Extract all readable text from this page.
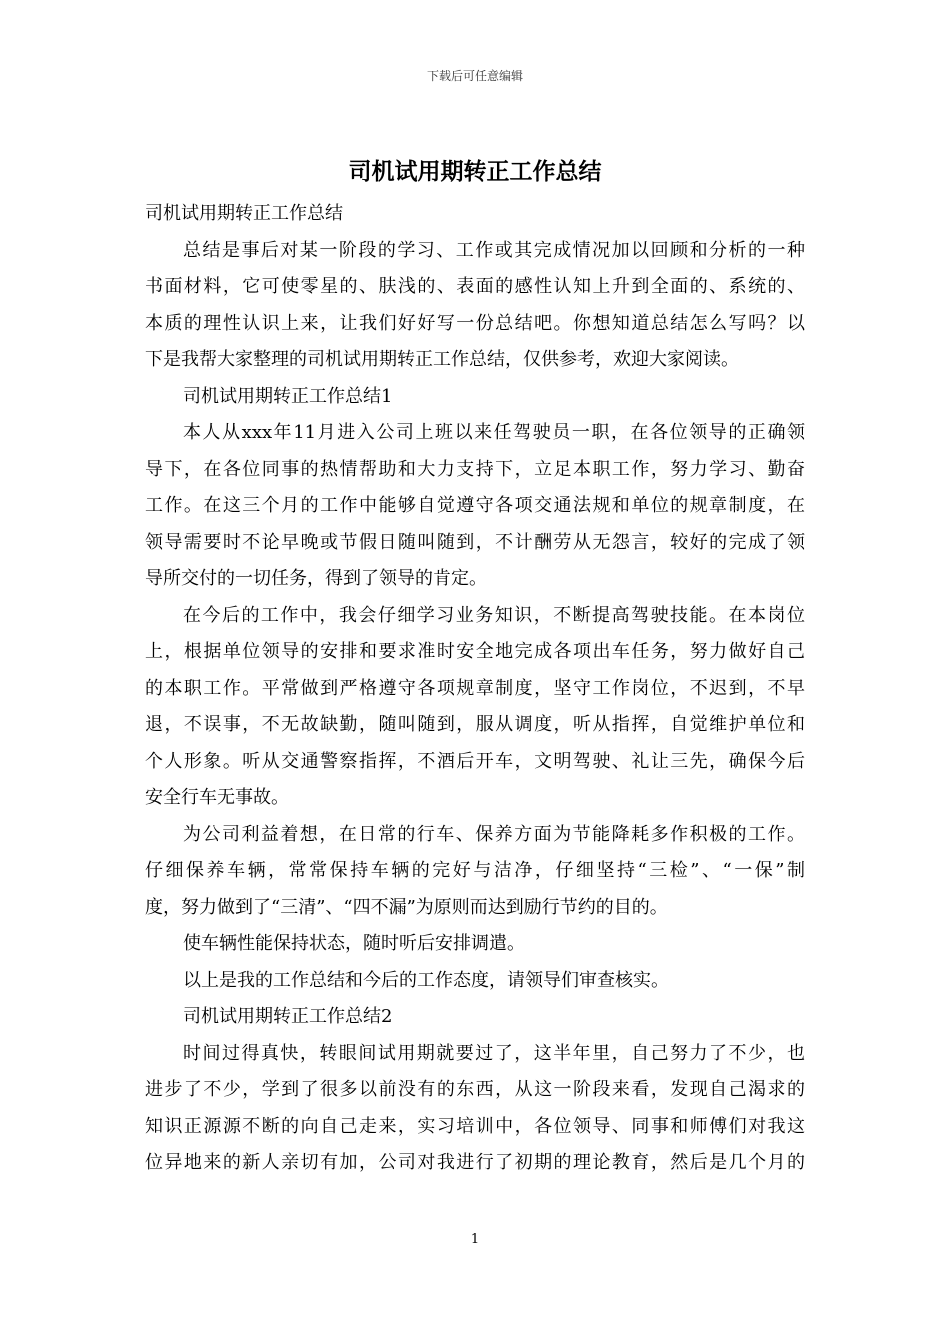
下载后可任意编辑
司机试用期转正工作总结
司机试用期转正工作总结
总结是事后对某一阶段的学习、工作或其完成情况加以回顾和分析的一种
书面材料，它可使零星的、肤浅的、表面的感性认知上升到全面的、系统的、
本质的理性认识上来，让我们好好写一份总结吧。你想知道总结怎么写吗？以
下是我帮大家整理的司机试用期转正工作总结，仅供参考，欢迎大家阅读。
司机试用期转正工作总结1
本人从xxx年11月进入公司上班以来任驾驶员一职，在各位领导的正确领
导下，在各位同事的热情帮助和大力支持下，立足本职工作，努力学习、勤奋
工作。在这三个月的工作中能够自觉遵守各项交通法规和单位的规章制度，在
领导需要时不论早晚或节假日随叫随到，不计酬劳从无怨言，较好的完成了领
导所交付的一切任务，得到了领导的肯定。
在今后的工作中，我会仔细学习业务知识，不断提高驾驶技能。在本岗位
上，根据单位领导的安排和要求准时安全地完成各项出车任务，努力做好自己
的本职工作。平常做到严格遵守各项规章制度，坚守工作岗位，不迟到，不早
退，不误事，不无故缺勤，随叫随到，服从调度，听从指挥，自觉维护单位和
个人形象。听从交通警察指挥，不酒后开车，文明驾驶、礼让三先，确保今后
安全行车无事故。
为公司利益着想，在日常的行车、保养方面为节能降耗多作积极的工作。
仔细保养车辆，常常保持车辆的完好与洁净，仔细坚持“三检”、“一保”制
度，努力做到了“三清”、“四不漏”为原则而达到励行节约的目的。
使车辆性能保持状态，随时听后安排调遣。
以上是我的工作总结和今后的工作态度，请领导们审查核实。
司机试用期转正工作总结2
时间过得真快，转眼间试用期就要过了，这半年里，自己努力了不少，也
进步了不少，学到了很多以前没有的东西，从这一阶段来看，发现自己渴求的
知识正源源不断的向自己走来，实习培训中，各位领导、同事和师傅们对我这
位异地来的新人亲切有加，公司对我进行了初期的理论教育，然后是几个月的
1
